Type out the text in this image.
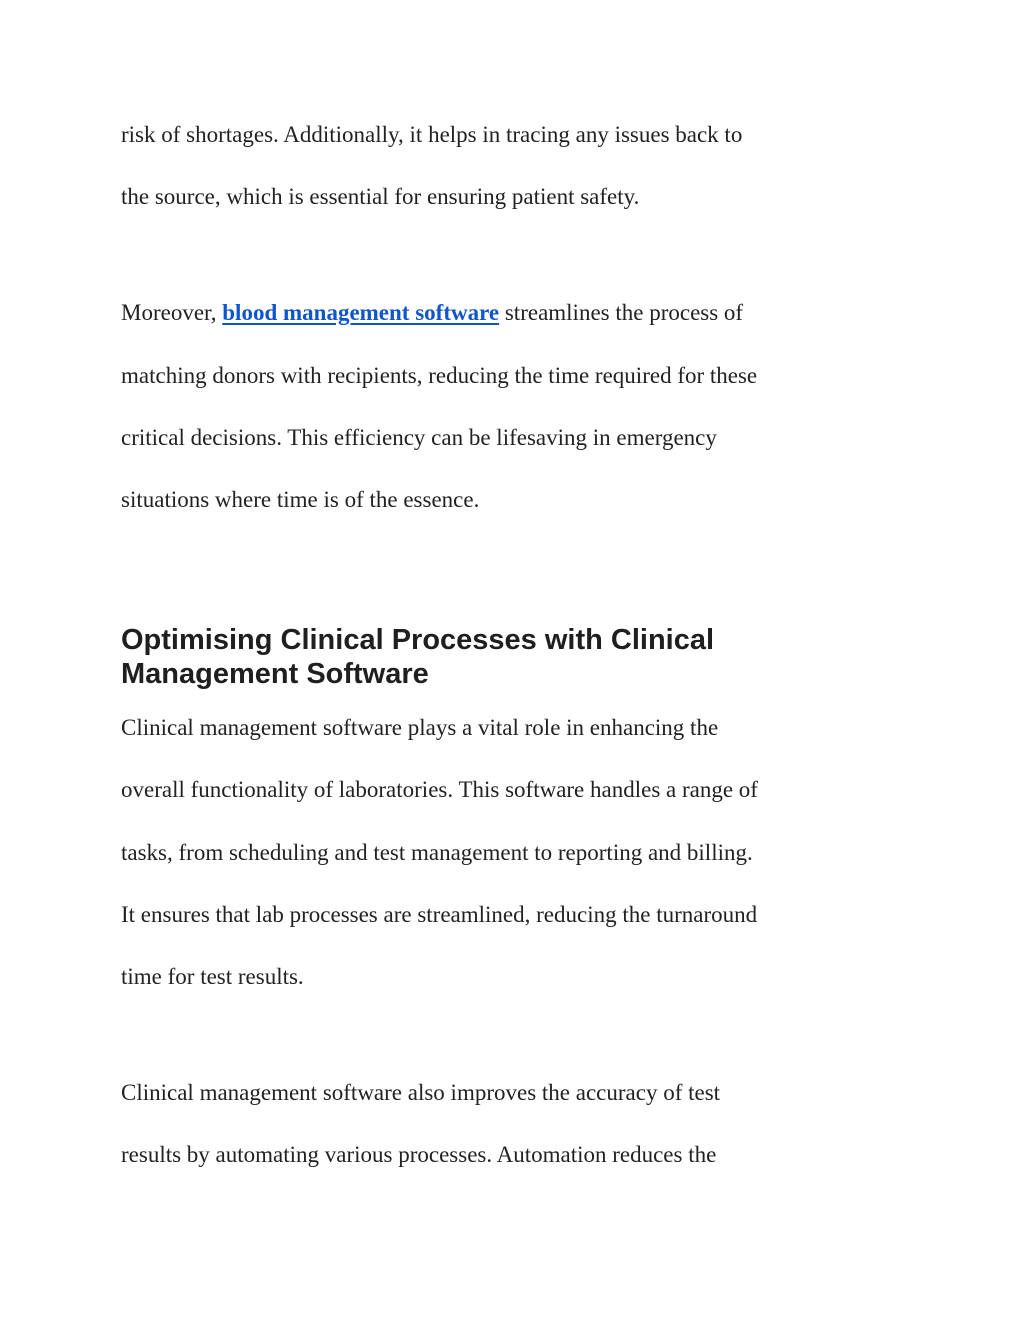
risk of shortages. Additionally, it helps in tracing any issues back to
the source, which is essential for ensuring patient safety.
Moreover, blood management software streamlines the process of
matching donors with recipients, reducing the time required for these
critical decisions. This efficiency can be lifesaving in emergency
situations where time is of the essence.
Optimising Clinical Processes with Clinical
Management Software
Clinical management software plays a vital role in enhancing the
overall functionality of laboratories. This software handles a range of
tasks, from scheduling and test management to reporting and billing.
It ensures that lab processes are streamlined, reducing the turnaround
time for test results.
Clinical management software also improves the accuracy of test
results by automating various processes. Automation reduces the
